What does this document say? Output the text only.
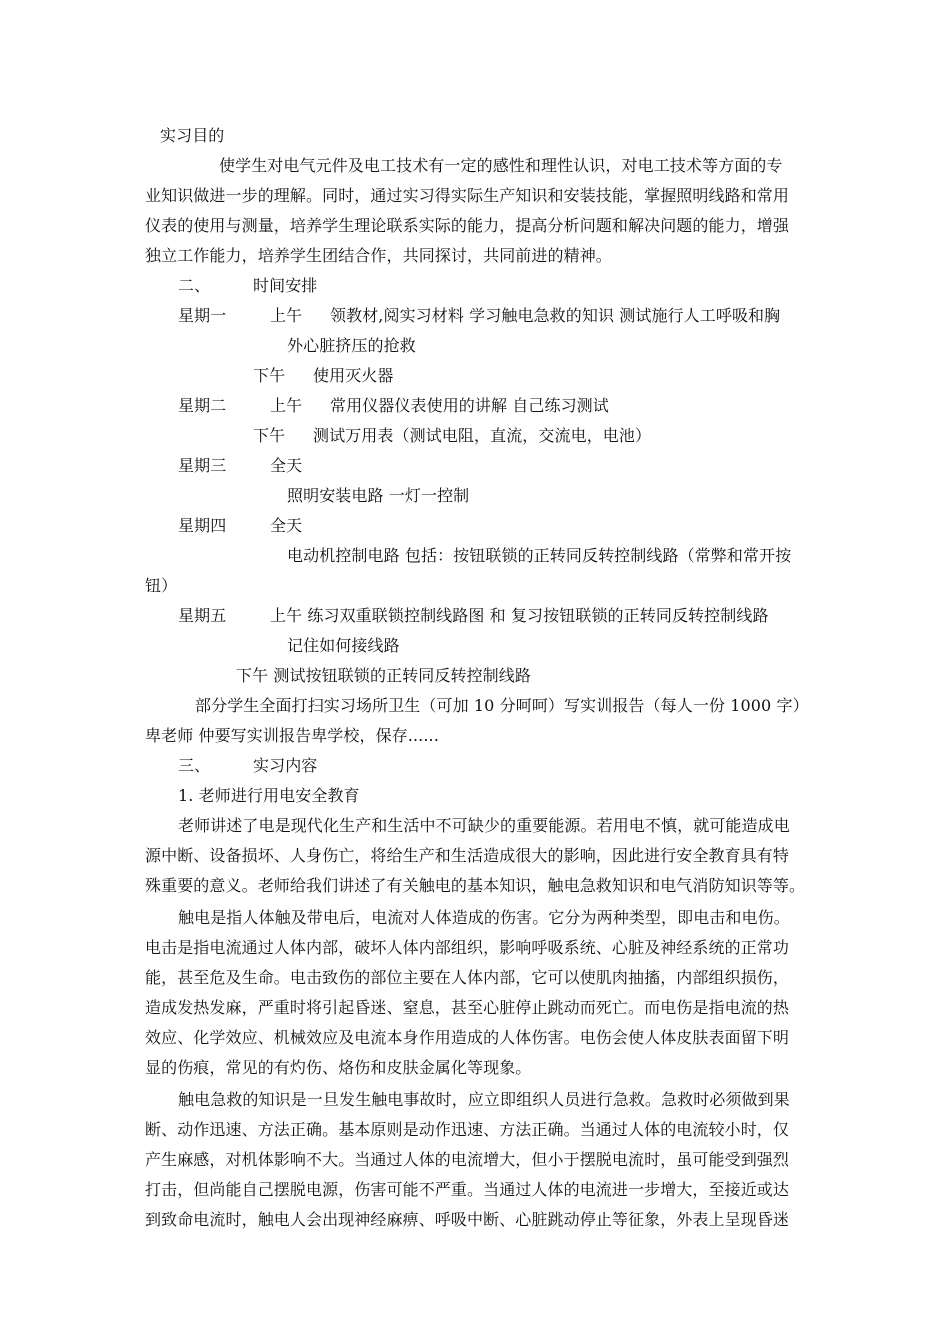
实习目的
使学生对电气元件及电工技术有一定的感性和理性认识，对电工技术等方面的专
业知识做进一步的理解。同时，通过实习得实际生产知识和安装技能，掌握照明线路和常用
仪表的使用与测量，培养学生理论联系实际的能力，提高分析问题和解决问题的能力，增强
独立工作能力，培养学生团结合作，共同探讨，共同前进的精神。
二、	时间安排
星期一	上午 领教材,阅实习材料 学习触电急救的知识 测试施行人工呼吸和胸
外心脏挤压的抢救
下午 使用灭火器
星期二	上午 常用仪器仪表使用的讲解 自己练习测试
下午 测试万用表（测试电阻，直流，交流电，电池）
星期三	全天
照明安装电路 一灯一控制
星期四	全天
电动机控制电路 包括：按钮联锁的正转同反转控制线路（常弊和常开按
钮）
星期五	上午 练习双重联锁控制线路图 和 复习按钮联锁的正转同反转控制线路
记住如何接线路
下午 测试按钮联锁的正转同反转控制线路
部分学生全面打扫实习场所卫生（可加 10 分呵呵）写实训报告（每人一份 1000 字）
卑老师 仲要写实训报告卑学校，保存......
三、	实习内容
1. 老师进行用电安全教育
老师讲述了电是现代化生产和生活中不可缺少的重要能源。若用电不慎，就可能造成电
源中断、设备损坏、人身伤亡，将给生产和生活造成很大的影响，因此进行安全教育具有特
殊重要的意义。老师给我们讲述了有关触电的基本知识，触电急救知识和电气消防知识等等。
触电是指人体触及带电后，电流对人体造成的伤害。它分为两种类型，即电击和电伤。
电击是指电流通过人体内部，破坏人体内部组织，影响呼吸系统、心脏及神经系统的正常功
能，甚至危及生命。电击致伤的部位主要在人体内部，它可以使肌肉抽搐，内部组织损伤，
造成发热发麻，严重时将引起昏迷、窒息，甚至心脏停止跳动而死亡。而电伤是指电流的热
效应、化学效应、机械效应及电流本身作用造成的人体伤害。电伤会使人体皮肤表面留下明
显的伤痕，常见的有灼伤、烙伤和皮肤金属化等现象。
触电急救的知识是一旦发生触电事故时，应立即组织人员进行急救。急救时必须做到果
断、动作迅速、方法正确。基本原则是动作迅速、方法正确。当通过人体的电流较小时，仅
产生麻感，对机体影响不大。当通过人体的电流增大，但小于摆脱电流时，虽可能受到强烈
打击，但尚能自己摆脱电源，伤害可能不严重。当通过人体的电流进一步增大，至接近或达
到致命电流时，触电人会出现神经麻痹、呼吸中断、心脏跳动停止等征象，外表上呈现昏迷
